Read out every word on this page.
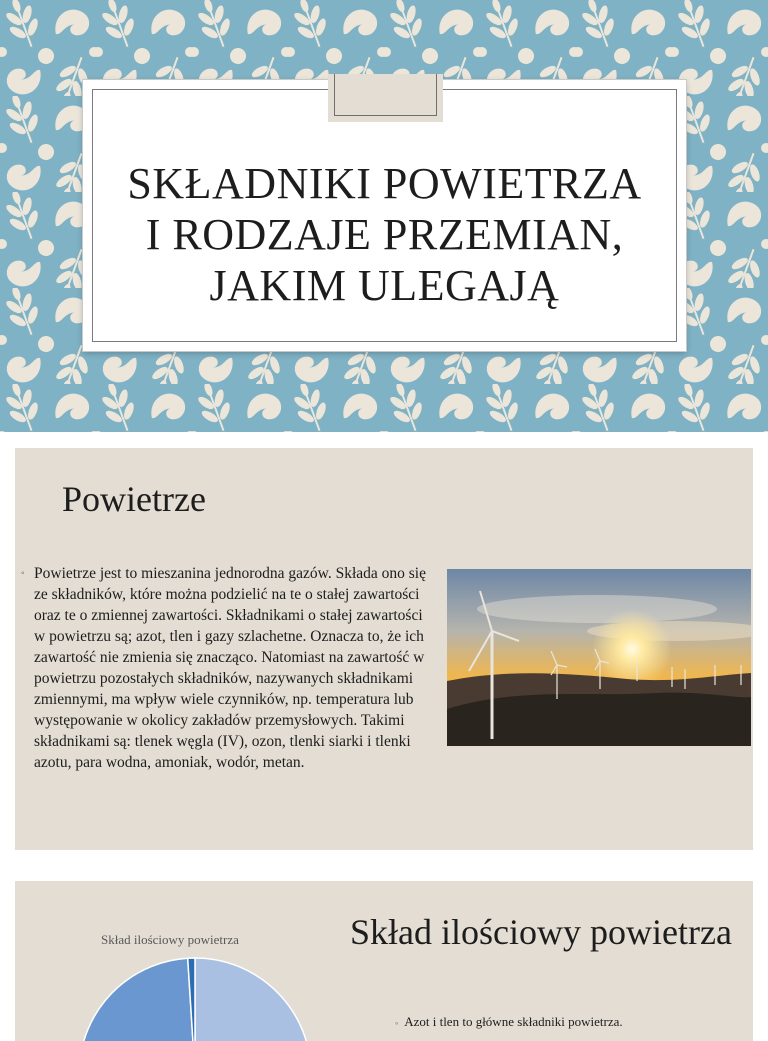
SKŁADNIKI POWIETRZA
I RODZAJE PRZEMIAN,
JAKIM ULEGAJĄ
Powietrze
◦ Powietrze jest to mieszanina jednorodna gazów. Składa ono się ze składników, które można podzielić na te o stałej zawartości oraz te o zmiennej zawartości. Składnikami o stałej zawartości w powietrzu są; azot, tlen i gazy szlachetne. Oznacza to, że ich zawartość nie zmienia się znacząco. Natomiast na zawartość w powietrzu pozostałych składników, nazywanych składnikami zmiennymi, ma wpływ wiele czynników, np. temperatura lub występowanie w okolicy zakładów przemysłowych. Takimi składnikami są: tlenek węgla (IV), ozon, tlenki siarki i tlenki azotu, para wodna, amoniak, wodór, metan.
Skład ilościowy powietrza	Skład ilościowy powietrza
◦ Azot i tlen to główne składniki powietrza.
